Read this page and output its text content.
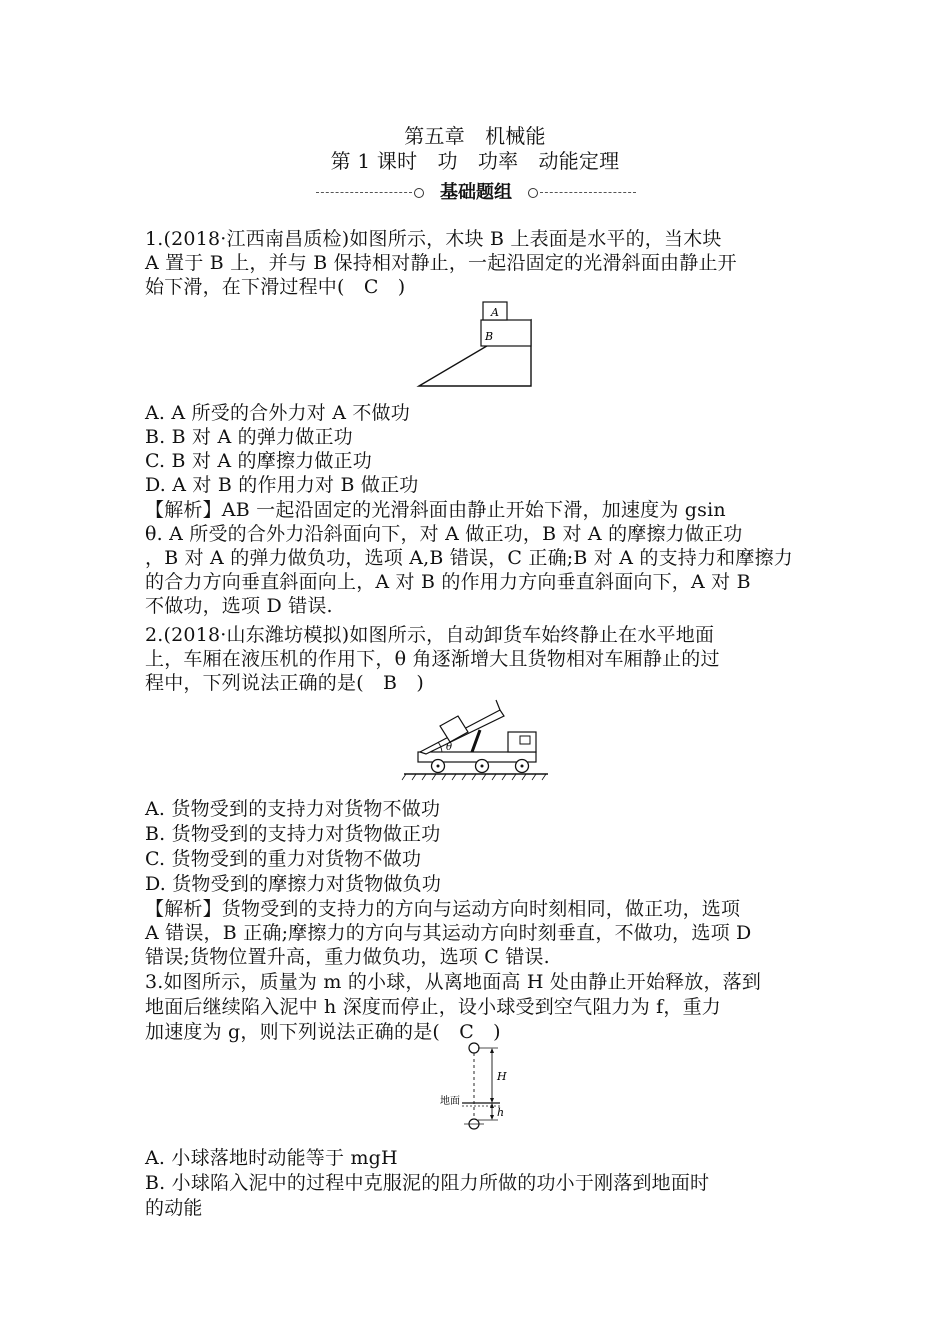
第五章　机械能
第 1 课时　功　功率　动能定理
基础题组
1.(2018·江西南昌质检)如图所示，木块 B 上表面是水平的，当木块
A 置于 B 上，并与 B 保持相对静止，一起沿固定的光滑斜面由静止开
始下滑，在下滑过程中(　C　)
A
B
A. A 所受的合外力对 A 不做功
B. B 对 A 的弹力做正功
C. B 对 A 的摩擦力做正功
D. A 对 B 的作用力对 B 做正功
【解析】AB 一起沿固定的光滑斜面由静止开始下滑，加速度为 gsin
θ. A 所受的合外力沿斜面向下，对 A 做正功，B 对 A 的摩擦力做正功
，B 对 A 的弹力做负功，选项 A,B 错误，C 正确;B 对 A 的支持力和摩擦力
的合力方向垂直斜面向上，A 对 B 的作用力方向垂直斜面向下，A 对 B
不做功，选项 D 错误.
2.(2018·山东潍坊模拟)如图所示，自动卸货车始终静止在水平地面
上，车厢在液压机的作用下，θ 角逐渐增大且货物相对车厢静止的过
程中，下列说法正确的是(　B　)
θ
A. 货物受到的支持力对货物不做功
B. 货物受到的支持力对货物做正功
C. 货物受到的重力对货物不做功
D. 货物受到的摩擦力对货物做负功
【解析】货物受到的支持力的方向与运动方向时刻相同，做正功，选项
A 错误，B 正确;摩擦力的方向与其运动方向时刻垂直，不做功，选项 D
错误;货物位置升高，重力做负功，选项 C 错误.
3.如图所示，质量为 m 的小球，从离地面高 H 处由静止开始释放，落到
地面后继续陷入泥中 h 深度而停止，设小球受到空气阻力为 f，重力
加速度为 g，则下列说法正确的是(　C　)
H
地面
h
A. 小球落地时动能等于 mgH
B. 小球陷入泥中的过程中克服泥的阻力所做的功小于刚落到地面时
的动能
